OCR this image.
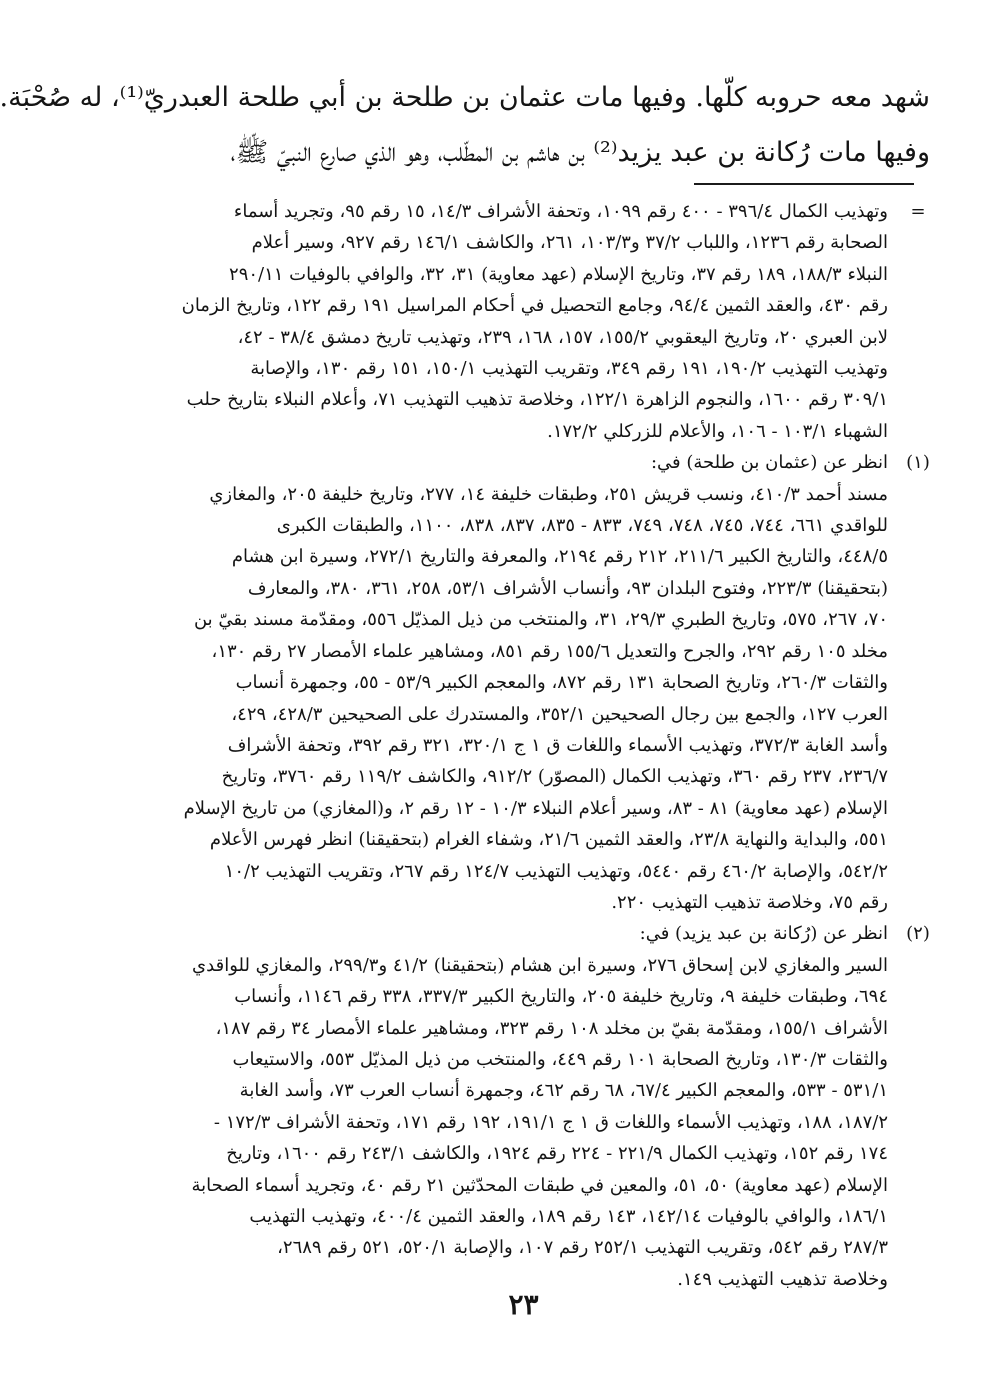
شهد معه حروبه كلّها. وفيها مات عثمان بن طلحة بن أبي طلحة العبدريّ⁽¹⁾، له صُحْبَة.
وفيها مات رُكانة بن عبد يزيد⁽²⁾ بن هاشم بن المطّلب، وهو الذي صارع النبيّ ﷺ،
=
وتهذيب الكمال ٣٩٦/٤ - ٤٠٠ رقم ١٠٩٩، وتحفة الأشراف ١٤/٣، ١٥ رقم ٩٥، وتجريد أسماء
الصحابة رقم ١٢٣٦، واللباب ٣٧/٢ و١٠٣/٣، ٢٦١، والكاشف ١٤٦/١ رقم ٩٢٧، وسير أعلام
النبلاء ١٨٨/٣، ١٨٩ رقم ٣٧، وتاريخ الإسلام (عهد معاوية) ٣١، ٣٢، والوافي بالوفيات ٢٩٠/١١
رقم ٤٣٠، والعقد الثمين ٩٤/٤، وجامع التحصيل في أحكام المراسيل ١٩١ رقم ١٢٢، وتاريخ الزمان
لابن العبري ٢٠، وتاريخ اليعقوبي ١٥٥/٢، ١٥٧، ١٦٨، ٢٣٩، وتهذيب تاريخ دمشق ٣٨/٤ - ٤٢،
وتهذيب التهذيب ١٩٠/٢، ١٩١ رقم ٣٤٩، وتقريب التهذيب ١٥٠/١، ١٥١ رقم ١٣٠، والإصابة
٣٠٩/١ رقم ١٦٠٠، والنجوم الزاهرة ١٢٢/١، وخلاصة تذهيب التهذيب ٧١، وأعلام النبلاء بتاريخ حلب
الشهباء ١٠٣/١ - ١٠٦، والأعلام للزركلي ١٧٢/٢.
(١)
انظر عن (عثمان بن طلحة) في:
مسند أحمد ٤١٠/٣، ونسب قريش ٢٥١، وطبقات خليفة ١٤، ٢٧٧، وتاريخ خليفة ٢٠٥، والمغازي
للواقدي ٦٦١، ٧٤٤، ٧٤٥، ٧٤٨، ٧٤٩، ٨٣٣ - ٨٣٥، ٨٣٧، ٨٣٨، ١١٠٠، والطبقات الكبرى
٤٤٨/٥، والتاريخ الكبير ٢١١/٦، ٢١٢ رقم ٢١٩٤، والمعرفة والتاريخ ٢٧٢/١، وسيرة ابن هشام
(بتحقيقنا) ٢٢٣/٣، وفتوح البلدان ٩٣، وأنساب الأشراف ٥٣/١، ٢٥٨، ٣٦١، ٣٨٠، والمعارف
٧٠، ٢٦٧، ٥٧٥، وتاريخ الطبري ٢٩/٣، ٣١، والمنتخب من ذيل المذيّل ٥٥٦، ومقدّمة مسند بقيّ بن
مخلد ١٠٥ رقم ٢٩٢، والجرح والتعديل ١٥٥/٦ رقم ٨٥١، ومشاهير علماء الأمصار ٢٧ رقم ١٣٠،
والثقات ٢٦٠/٣، وتاريخ الصحابة ١٣١ رقم ٨٧٢، والمعجم الكبير ٥٣/٩ - ٥٥، وجمهرة أنساب
العرب ١٢٧، والجمع بين رجال الصحيحين ٣٥٢/١، والمستدرك على الصحيحين ٤٢٨/٣، ٤٢٩،
وأسد الغابة ٣٧٢/٣، وتهذيب الأسماء واللغات ق ١ ج ٣٢٠/١، ٣٢١ رقم ٣٩٢، وتحفة الأشراف
٢٣٦/٧، ٢٣٧ رقم ٣٦٠، وتهذيب الكمال (المصوّر) ٩١٢/٢، والكاشف ١١٩/٢ رقم ٣٧٦٠، وتاريخ
الإسلام (عهد معاوية) ٨١ - ٨٣، وسير أعلام النبلاء ١٠/٣ - ١٢ رقم ٢، و(المغازي) من تاريخ الإسلام
٥٥١، والبداية والنهاية ٢٣/٨، والعقد الثمين ٢١/٦، وشفاء الغرام (بتحقيقنا) انظر فهرس الأعلام
٥٤٢/٢، والإصابة ٤٦٠/٢ رقم ٥٤٤٠، وتهذيب التهذيب ١٢٤/٧ رقم ٢٦٧، وتقريب التهذيب ١٠/٢
رقم ٧٥، وخلاصة تذهيب التهذيب ٢٢٠.
(٢)
انظر عن (رُكانة بن عبد يزيد) في:
السير والمغازي لابن إسحاق ٢٧٦، وسيرة ابن هشام (بتحقيقنا) ٤١/٢ و٢٩٩/٣، والمغازي للواقدي
٦٩٤، وطبقات خليفة ٩، وتاريخ خليفة ٢٠٥، والتاريخ الكبير ٣٣٧/٣، ٣٣٨ رقم ١١٤٦، وأنساب
الأشراف ١٥٥/١، ومقدّمة بقيّ بن مخلد ١٠٨ رقم ٣٢٣، ومشاهير علماء الأمصار ٣٤ رقم ١٨٧،
والثقات ١٣٠/٣، وتاريخ الصحابة ١٠١ رقم ٤٤٩، والمنتخب من ذيل المذيّل ٥٥٣، والاستيعاب
٥٣١/١ - ٥٣٣، والمعجم الكبير ٦٧/٤، ٦٨ رقم ٤٦٢، وجمهرة أنساب العرب ٧٣، وأسد الغابة
١٨٧/٢، ١٨٨، وتهذيب الأسماء واللغات ق ١ ج ١٩١/١، ١٩٢ رقم ١٧١، وتحفة الأشراف ١٧٢/٣ -
١٧٤ رقم ١٥٢، وتهذيب الكمال ٢٢١/٩ - ٢٢٤ رقم ١٩٢٤، والكاشف ٢٤٣/١ رقم ١٦٠٠، وتاريخ
الإسلام (عهد معاوية) ٥٠، ٥١، والمعين في طبقات المحدّثين ٢١ رقم ٤٠، وتجريد أسماء الصحابة
١٨٦/١، والوافي بالوفيات ١٤٢/١٤، ١٤٣ رقم ١٨٩، والعقد الثمين ٤٠٠/٤، وتهذيب التهذيب
٢٨٧/٣ رقم ٥٤٢، وتقريب التهذيب ٢٥٢/١ رقم ١٠٧، والإصابة ٥٢٠/١، ٥٢١ رقم ٢٦٨٩،
وخلاصة تذهيب التهذيب ١٤٩.
٢٣
